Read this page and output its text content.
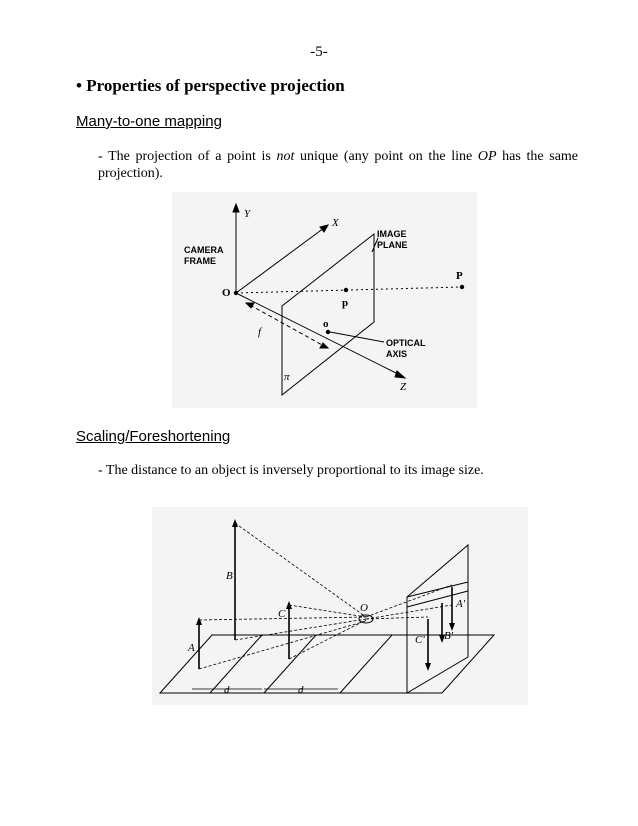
-5-
• Properties of perspective projection
Many-to-one mapping
- The projection of a point is not unique (any point on the line OP has the same projection).
Y
X
Z
CAMERA
FRAME
IMAGE
PLANE
O
P
p
o
f
OPTICAL
AXIS
π
Scaling/Foreshortening
- The distance to an object is inversely proportional to its image size.
B
A
C	O	A'
B'
C'
d	d
